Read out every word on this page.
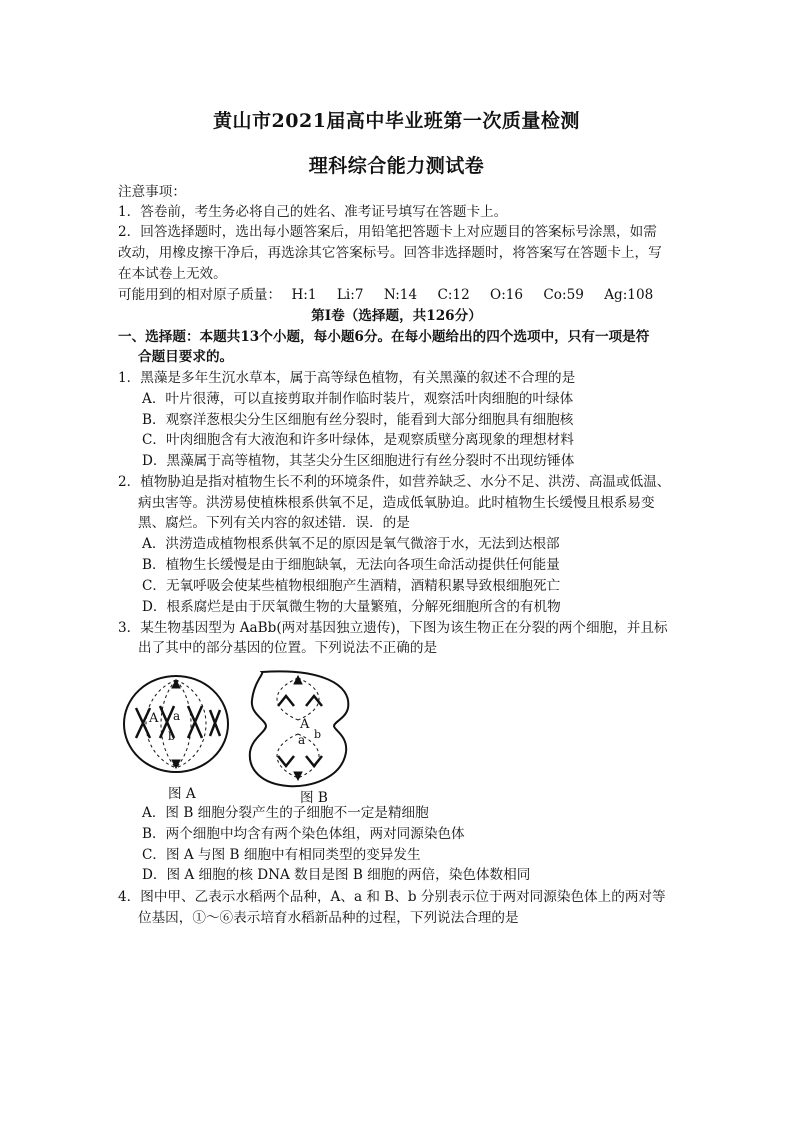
黄山市2021届高中毕业班第一次质量检测
理科综合能力测试卷
注意事项：
1．答卷前，考生务必将自己的姓名、准考证号填写在答题卡上。
2．回答选择题时，选出每小题答案后，用铅笔把答题卡上对应题目的答案标号涂黑，如需
改动，用橡皮擦干净后，再选涂其它答案标号。回答非选择题时，将答案写在答题卡上，写
在本试卷上无效。
可能用到的相对原子质量： H:1 Li:7 N:14 C:12 O:16 Co:59 Ag:108
第Ⅰ卷（选择题，共126分）
一、选择题：本题共13个小题，每小题6分。在每小题给出的四个选项中，只有一项是符
合题目要求的。
1．黑藻是多年生沉水草本，属于高等绿色植物，有关黑藻的叙述不合理的是
A．叶片很薄，可以直接剪取并制作临时装片，观察活叶肉细胞的叶绿体
B．观察洋葱根尖分生区细胞有丝分裂时，能看到大部分细胞具有细胞核
C．叶肉细胞含有大液泡和许多叶绿体，是观察质壁分离现象的理想材料
D．黑藻属于高等植物，其茎尖分生区细胞进行有丝分裂时不出现纺锤体
2．植物胁迫是指对植物生长不利的环境条件，如营养缺乏、水分不足、洪涝、高温或低温、
病虫害等。洪涝易使植株根系供氧不足，造成低氧胁迫。此时植物生长缓慢且根系易变
黑、腐烂。下列有关内容的叙述错．误．的是
A．洪涝造成植物根系供氧不足的原因是氧气微溶于水，无法到达根部
B．植物生长缓慢是由于细胞缺氧，无法向各项生命活动提供任何能量
C．无氧呼吸会使某些植物根细胞产生酒精，酒精积累导致根细胞死亡
D．根系腐烂是由于厌氧微生物的大量繁殖，分解死细胞所含的有机物
3．某生物基因型为 AaBb(两对基因独立遗传)，下图为该生物正在分裂的两个细胞，并且标
出了其中的部分基因的位置。下列说法不正确的是
A a
b
A
a b
图 A	图 B
A．图 B 细胞分裂产生的子细胞不一定是精细胞
B．两个细胞中均含有两个染色体组，两对同源染色体
C．图 A 与图 B 细胞中有相同类型的变异发生
D．图 A 细胞的核 DNA 数目是图 B 细胞的两倍，染色体数相同
4．图中甲、乙表示水稻两个品种，A、a 和 B、b 分别表示位于两对同源染色体上的两对等
位基因，①～⑥表示培育水稻新品种的过程，下列说法合理的是
